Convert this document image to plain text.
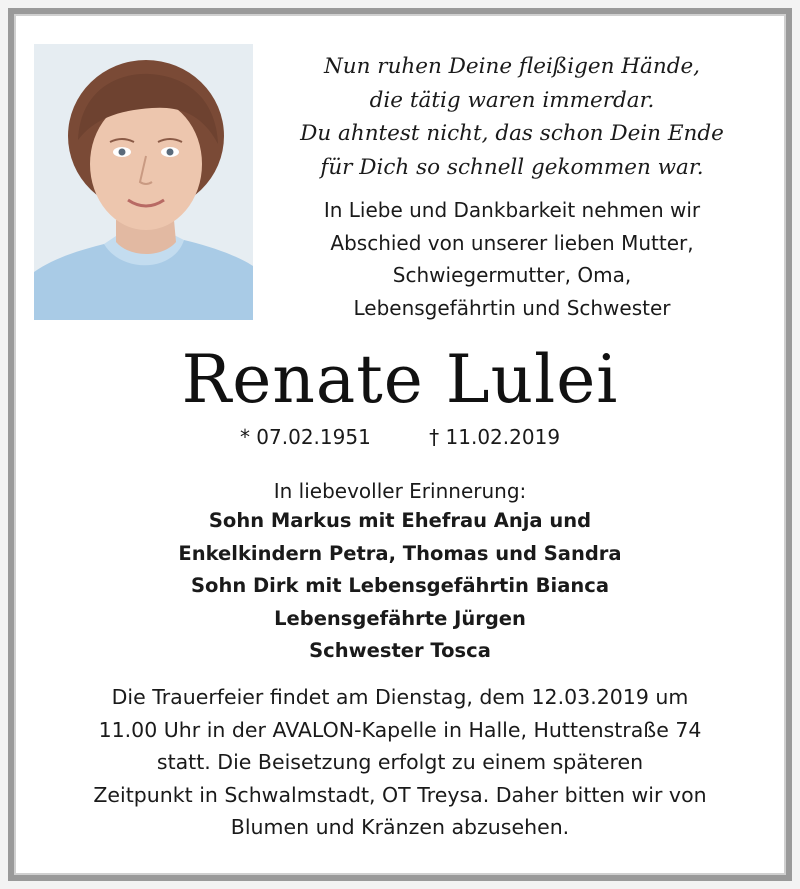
Nun ruhen Deine fleißigen Hände,
die tätig waren immerdar.
Du ahntest nicht, das schon Dein Ende
für Dich so schnell gekommen war.
In Liebe und Dankbarkeit nehmen wir
Abschied von unserer lieben Mutter,
Schwiegermutter, Oma,
Lebensgefährtin und Schwester
Renate Lulei
* 07.02.1951	† 11.02.2019
In liebevoller Erinnerung:
Sohn Markus mit Ehefrau Anja und
Enkelkindern Petra, Thomas und Sandra
Sohn Dirk mit Lebensgefährtin Bianca
Lebensgefährte Jürgen
Schwester Tosca
Die Trauerfeier findet am Dienstag, dem 12.03.2019 um
11.00 Uhr in der AVALON-Kapelle in Halle, Huttenstraße 74
statt. Die Beisetzung erfolgt zu einem späteren
Zeitpunkt in Schwalmstadt, OT Treysa. Daher bitten wir von
Blumen und Kränzen abzusehen.
